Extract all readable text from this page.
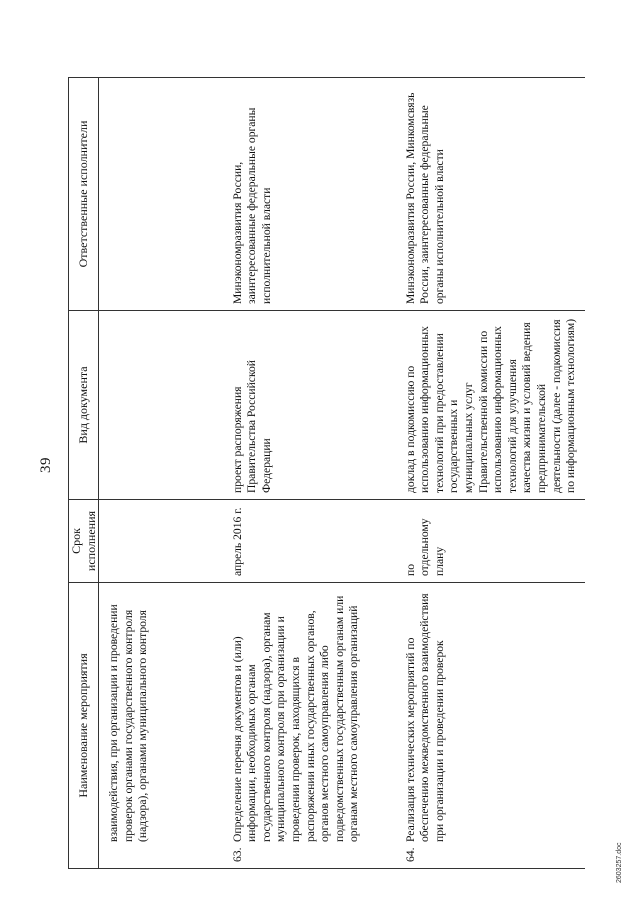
39
Наименование мероприятия	Срок исполнения	Вид документа	Ответственные исполнители

взаимодействия, при организации и проведении проверок органами государственного контроля (надзора), органами муниципального контроля			

63.
Определение перечня документов и (или) информации, необходимых органам государственного контроля (надзора), органам муниципального контроля при организации и проведении проверок, находящихся в распоряжении иных государственных органов, органов местного самоуправления либо подведомственных государственным органам или органам местного самоуправления организаций	апрель 2016 г.	проект распоряжения Правительства Российской Федерации	Минэкономразвития России, заинтересованные федеральные органы исполнительной власти

64.
Реализация технических мероприятий по обеспечению межведомственного взаимодействия при организации и проведении проверок	по отдельному плану	доклад в подкомиссию по использованию информационных технологий при предоставлении государственных и муниципальных услуг Правительственной комиссии по использованию информационных технологий для улучшения качества жизни и условий ведения предпринимательской деятельности (далее - подкомиссия по информационным технологиям)	Минэкономразвития России, Минкомсвязь России, заинтересованные федеральные органы исполнительной власти
2603257.doc
